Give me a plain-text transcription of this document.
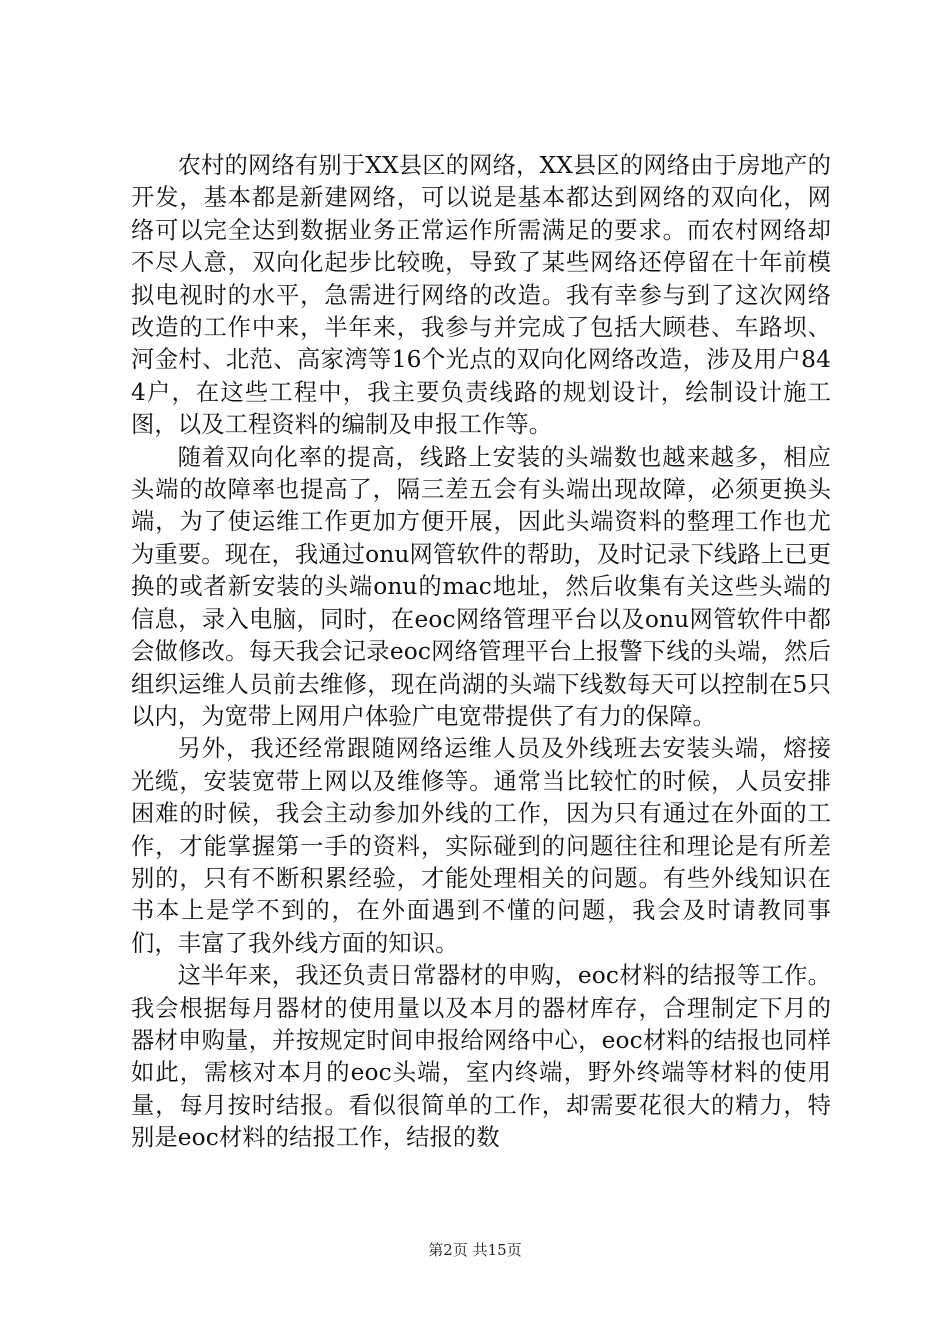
农村的网络有别于XX县区的网络，XX县区的网络由于房地产的开发，基本都是新建网络，可以说是基本都达到网络的双向化，网络可以完全达到数据业务正常运作所需满足的要求。而农村网络却不尽人意，双向化起步比较晚，导致了某些网络还停留在十年前模拟电视时的水平，急需进行网络的改造。我有幸参与到了这次网络改造的工作中来，半年来，我参与并完成了包括大顾巷、车路坝、河金村、北范、高家湾等16个光点的双向化网络改造，涉及用户844户，在这些工程中，我主要负责线路的规划设计，绘制设计施工图，以及工程资料的编制及申报工作等。

随着双向化率的提高，线路上安装的头端数也越来越多，相应头端的故障率也提高了，隔三差五会有头端出现故障，必须更换头端，为了使运维工作更加方便开展，因此头端资料的整理工作也尤为重要。现在，我通过onu网管软件的帮助，及时记录下线路上已更换的或者新安装的头端onu的mac地址，然后收集有关这些头端的信息，录入电脑，同时，在eoc网络管理平台以及onu网管软件中都会做修改。每天我会记录eoc网络管理平台上报警下线的头端，然后组织运维人员前去维修，现在尚湖的头端下线数每天可以控制在5只以内，为宽带上网用户体验广电宽带提供了有力的保障。

另外，我还经常跟随网络运维人员及外线班去安装头端，熔接光缆，安装宽带上网以及维修等。通常当比较忙的时候，人员安排困难的时候，我会主动参加外线的工作，因为只有通过在外面的工作，才能掌握第一手的资料，实际碰到的问题往往和理论是有所差别的，只有不断积累经验，才能处理相关的问题。有些外线知识在书本上是学不到的，在外面遇到不懂的问题，我会及时请教同事们，丰富了我外线方面的知识。

这半年来，我还负责日常器材的申购，eoc材料的结报等工作。我会根据每月器材的使用量以及本月的器材库存，合理制定下月的器材申购量，并按规定时间申报给网络中心，eoc材料的结报也同样如此，需核对本月的eoc头端，室内终端，野外终端等材料的使用量，每月按时结报。看似很简单的工作，却需要花很大的精力，特别是eoc材料的结报工作，结报的数

第2页 共15页
